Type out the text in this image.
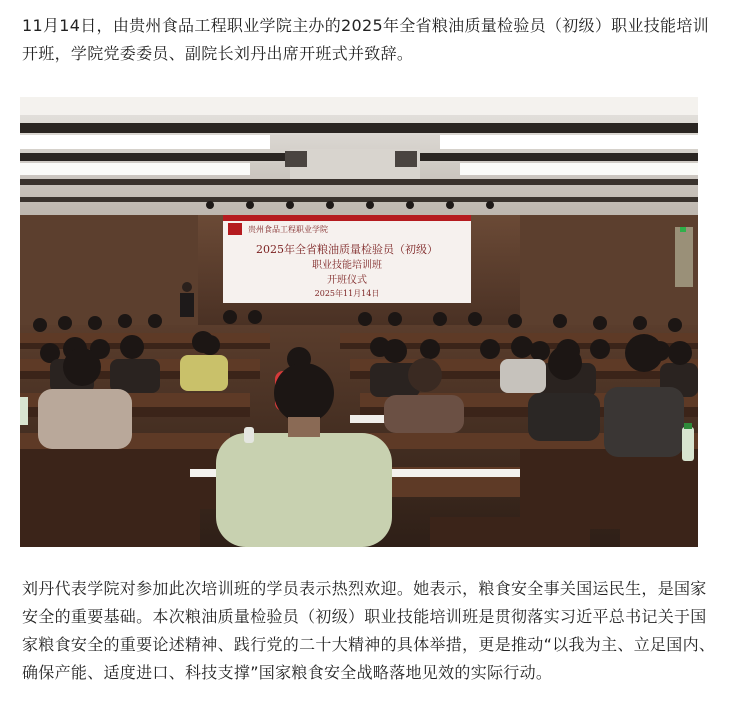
11月14日，由贵州食品工程职业学院主办的2025年全省粮油质量检验员（初级）职业技能培训开班，学院党委委员、副院长刘丹出席开班式并致辞。

贵州食品工程职业学院
2025年全省粮油质量检验员（初级）
职业技能培训班
开班仪式
2025年11月14日

刘丹代表学院对参加此次培训班的学员表示热烈欢迎。她表示，粮食安全事关国运民生，是国家安全的重要基础。本次粮油质量检验员（初级）职业技能培训班是贯彻落实习近平总书记关于国家粮食安全的重要论述精神、践行党的二十大精神的具体举措，更是推动“以我为主、立足国内、确保产能、适度进口、科技支撑”国家粮食安全战略落地见效的实际行动。
